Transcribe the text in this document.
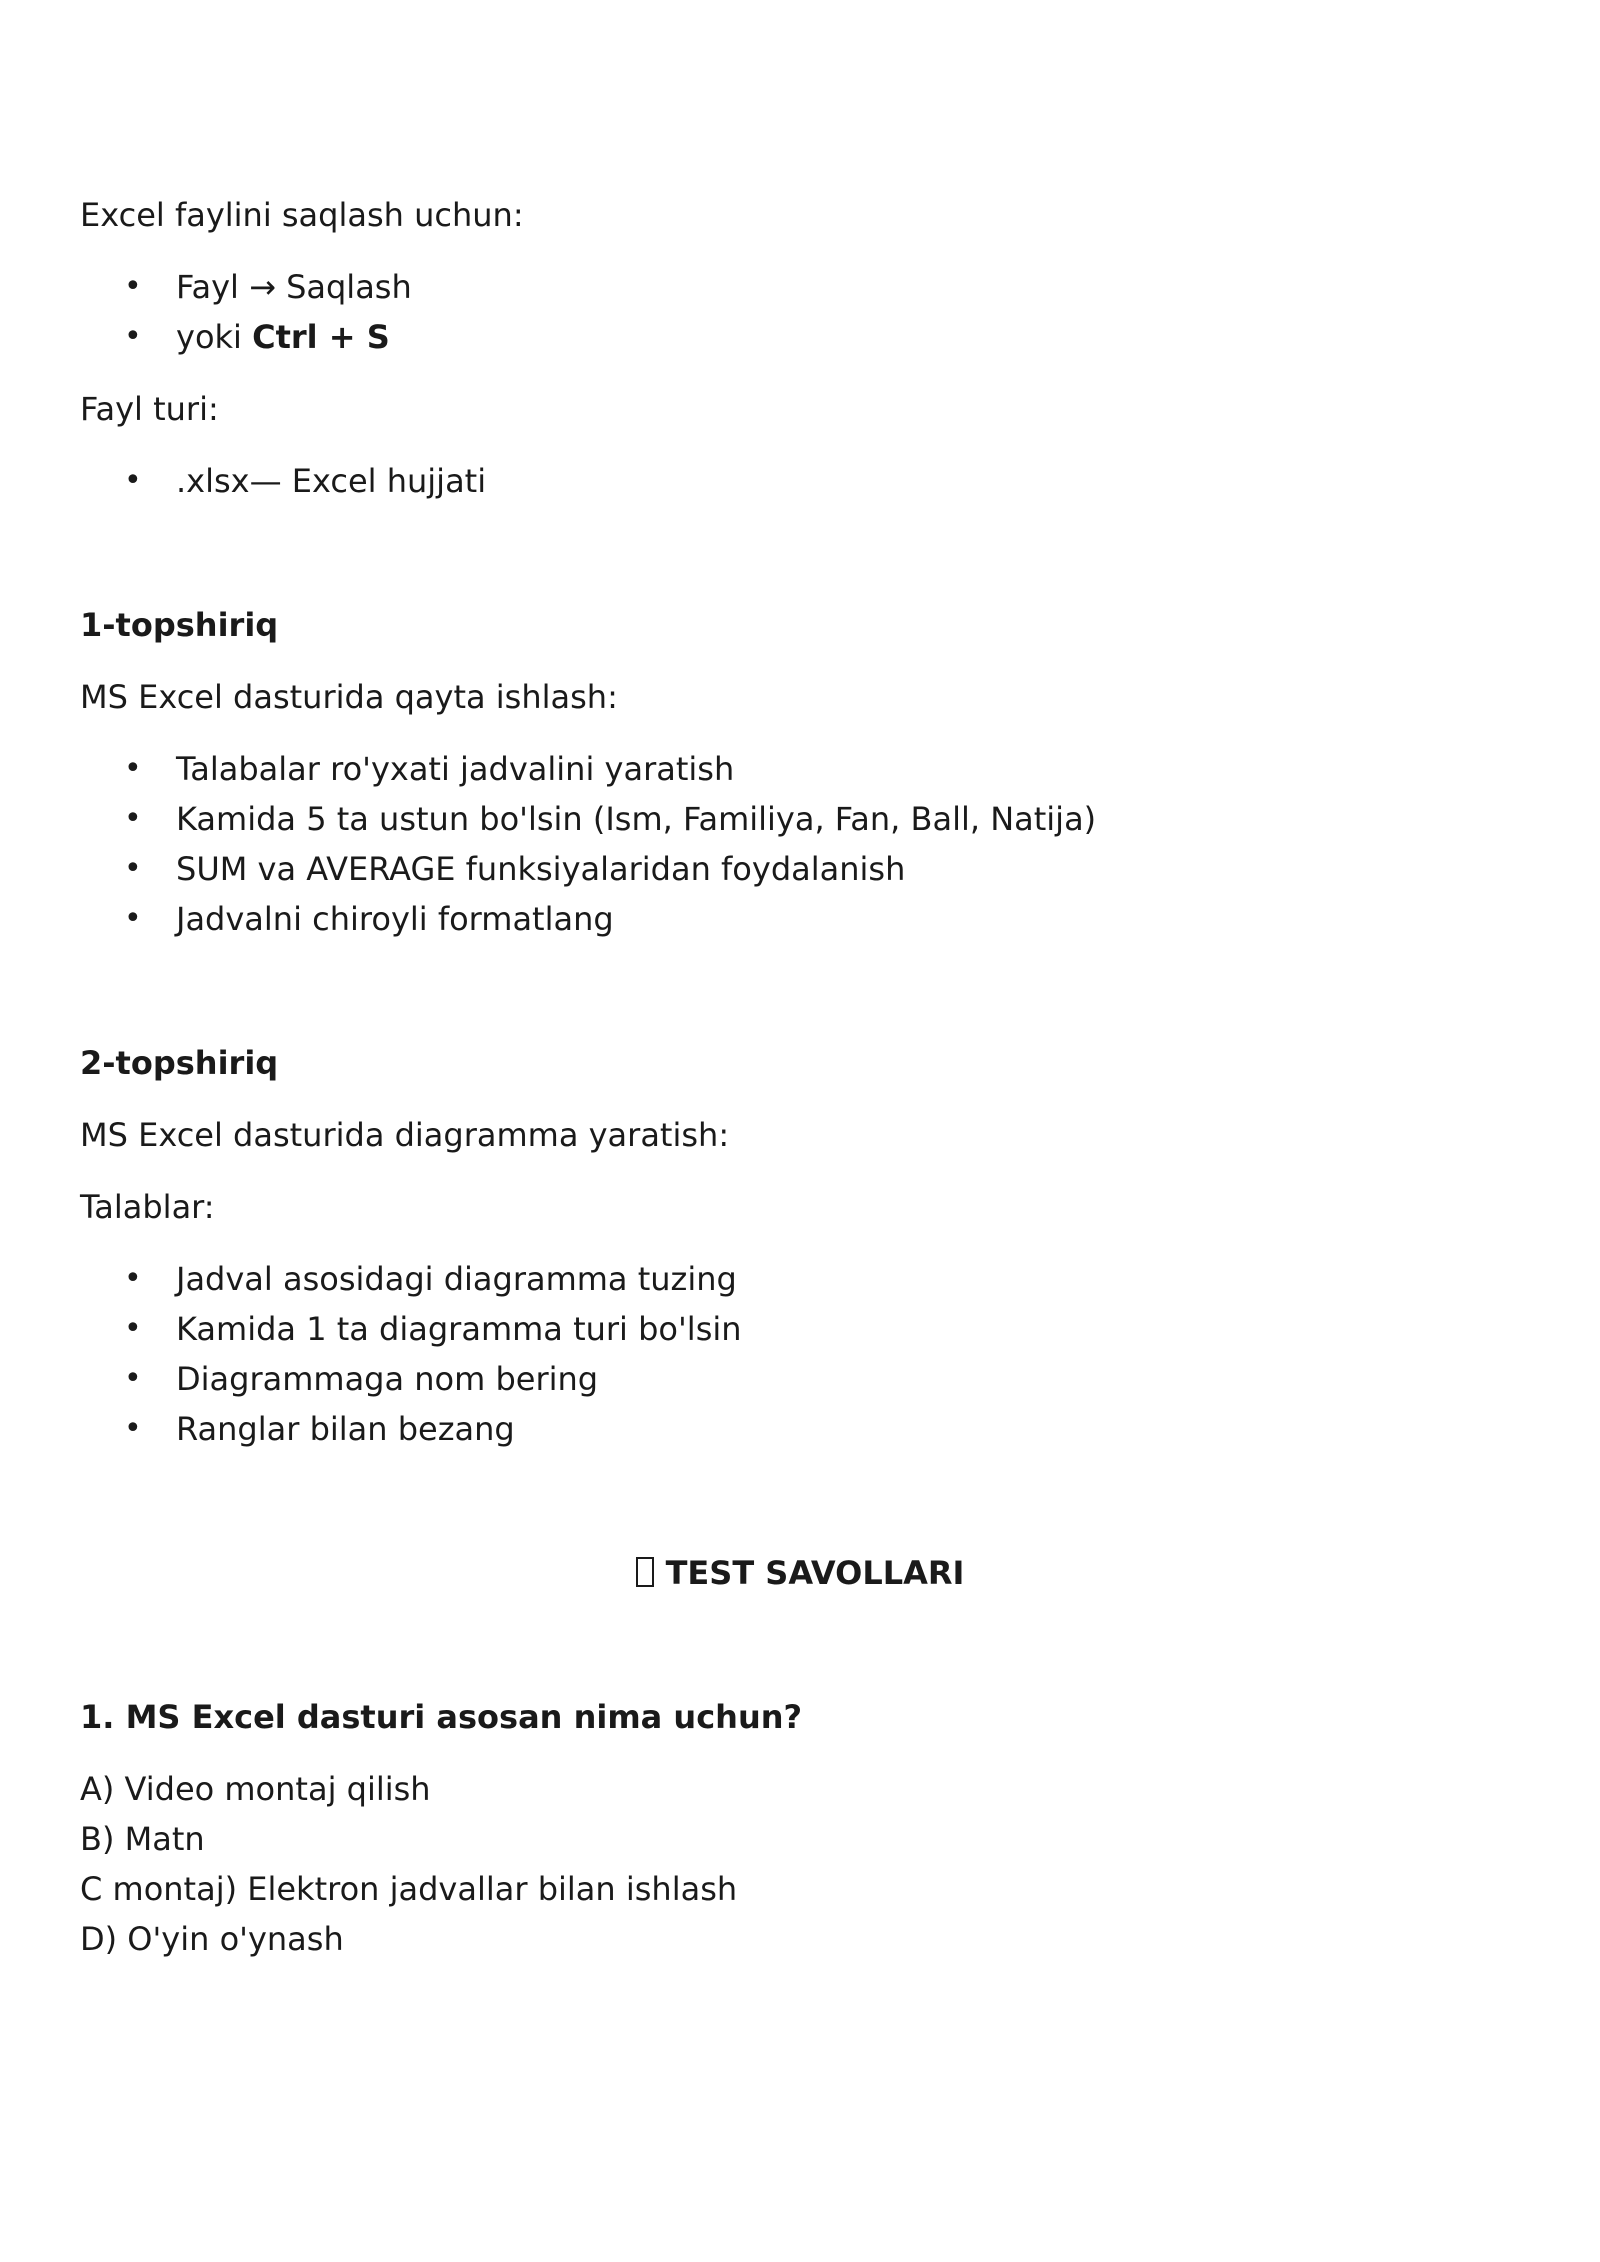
Excel faylini saqlash uchun:

• Fayl → Saqlash
• yoki Ctrl + S

Fayl turi:

• .xlsx— Excel hujjati

1-topshiriq

MS Excel dasturida qayta ishlash:

• Talabalar ro'yxati jadvalini yaratish
• Kamida 5 ta ustun bo'lsin (Ism, Familiya, Fan, Ball, Natija)
• SUM va AVERAGE funksiyalaridan foydalanish
• Jadvalni chiroyli formatlang

2-topshiriq

MS Excel dasturida diagramma yaratish:

Talablar:

• Jadval asosidagi diagramma tuzing
• Kamida 1 ta diagramma turi bo'lsin
• Diagrammaga nom bering
• Ranglar bilan bezang

TEST SAVOLLARI

1. MS Excel dasturi asosan nima uchun?

A) Video montaj qilish

B) Matn

C montaj) Elektron jadvallar bilan ishlash

D) O'yin o'ynash
